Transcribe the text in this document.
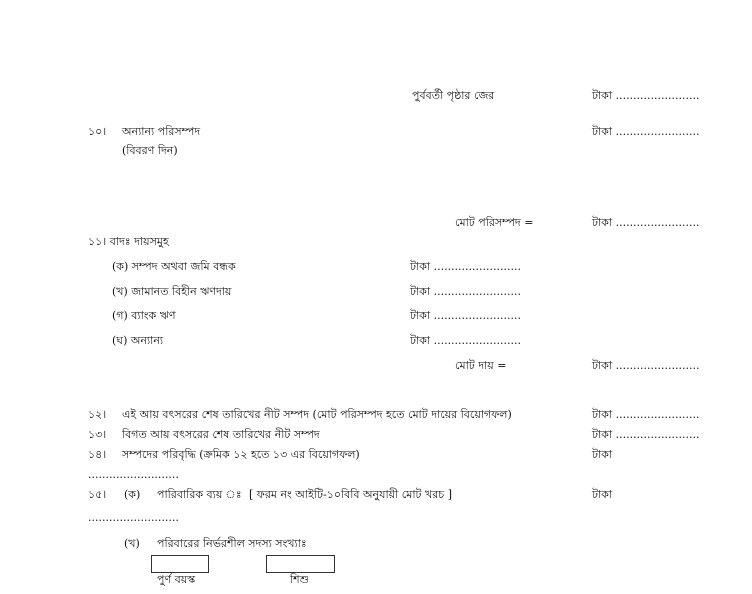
পুর্ববর্তী পৃষ্ঠার জের	টাকা ........................
১০। অন্যান্য পরিসম্পদ
(বিবরণ দিন)
টাকা ........................
মোট পরিসম্পদ =	টাকা ........................
১১। বাদঃ দায়সমুহ
(ক) সম্পদ অথবা জমি বন্ধক	টাকা .........................
(খ) জামানত বিহীন ঋণদায়	টাকা .........................
(গ) ব্যাংক ঋণ	টাকা .........................
(ঘ) অন্যান্য	টাকা .........................
মোট দায় =	টাকা ........................
১২। এই আয় বৎসরের শেষ তারিখের নীট সম্পদ (মোট পরিসম্পদ হতে মোট দায়ের বিয়োগফল)	টাকা ........................
১৩। বিগত আয় বৎসরের শেষ তারিখের নীট সম্পদ	টাকা ........................
১৪। সম্পদের পরিবৃদ্ধি (ক্রমিক ১২ হতে ১৩ এর বিয়োগফল)	টাকা
..........................
১৫। (ক) পারিবারিক ব্যয় ঃ [ ফরম নং আইটি-১০বিবি অনুযায়ী মোট খরচ ]	টাকা
..........................
(খ) পরিবারের নির্ভরশীল সদস্য সংখ্যাঃ
পুর্ণ বয়স্ক	শিশু
